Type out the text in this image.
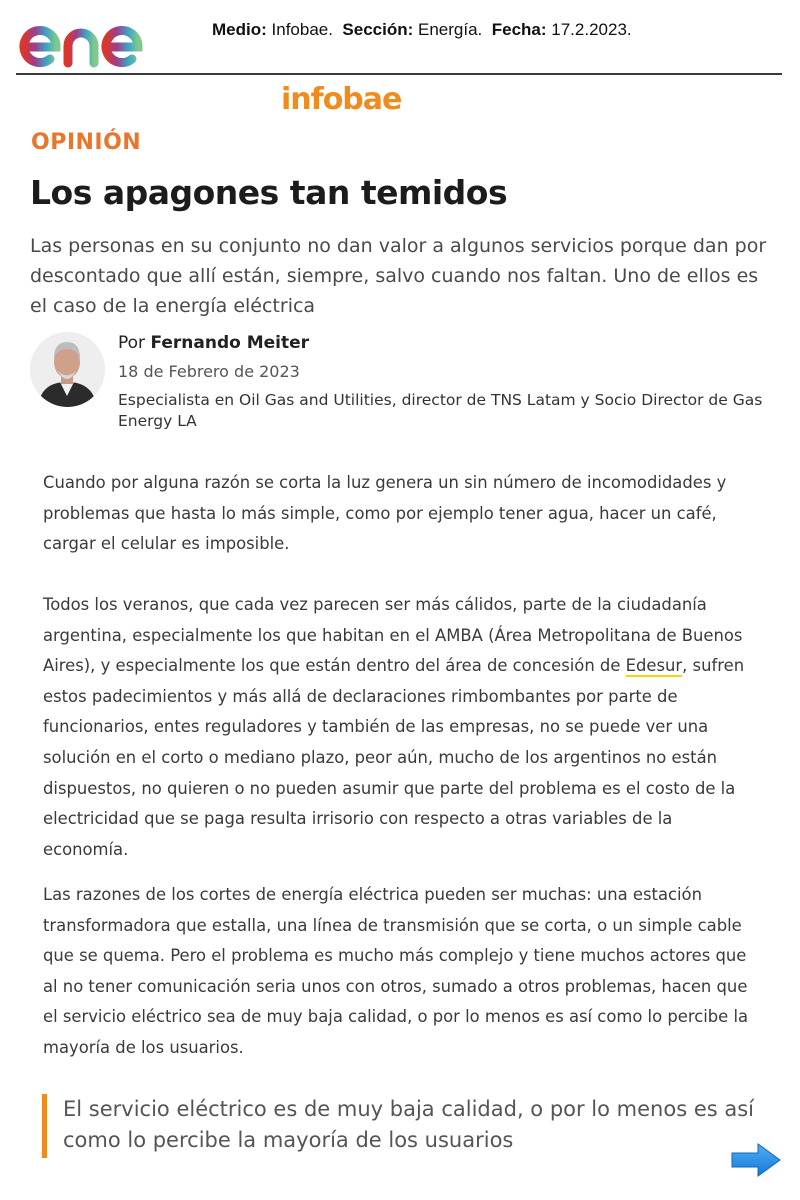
Medio: Infobae. Sección: Energía. Fecha: 17.2.2023.
infobae
OPINIÓN
Los apagones tan temidos

Las personas en su conjunto no dan valor a algunos servicios porque dan por descontado que allí están, siempre, salvo cuando nos faltan. Uno de ellos es el caso de la energía eléctrica

Por Fernando Meiter
18 de Febrero de 2023
Especialista en Oil Gas and Utilities, director de TNS Latam y Socio Director de Gas Energy LA

Cuando por alguna razón se corta la luz genera un sin número de incomodidades y problemas que hasta lo más simple, como por ejemplo tener agua, hacer un café, cargar el celular es imposible.

Todos los veranos, que cada vez parecen ser más cálidos, parte de la ciudadanía argentina, especialmente los que habitan en el AMBA (Área Metropolitana de Buenos Aires), y especialmente los que están dentro del área de concesión de Edesur, sufren estos padecimientos y más allá de declaraciones rimbombantes por parte de funcionarios, entes reguladores y también de las empresas, no se puede ver una solución en el corto o mediano plazo, peor aún, mucho de los argentinos no están dispuestos, no quieren o no pueden asumir que parte del problema es el costo de la electricidad que se paga resulta irrisorio con respecto a otras variables de la economía.

Las razones de los cortes de energía eléctrica pueden ser muchas: una estación transformadora que estalla, una línea de transmisión que se corta, o un simple cable que se quema. Pero el problema es mucho más complejo y tiene muchos actores que al no tener comunicación seria unos con otros, sumado a otros problemas, hacen que el servicio eléctrico sea de muy baja calidad, o por lo menos es así como lo percibe la mayoría de los usuarios.

El servicio eléctrico es de muy baja calidad, o por lo menos es así como lo percibe la mayoría de los usuarios
